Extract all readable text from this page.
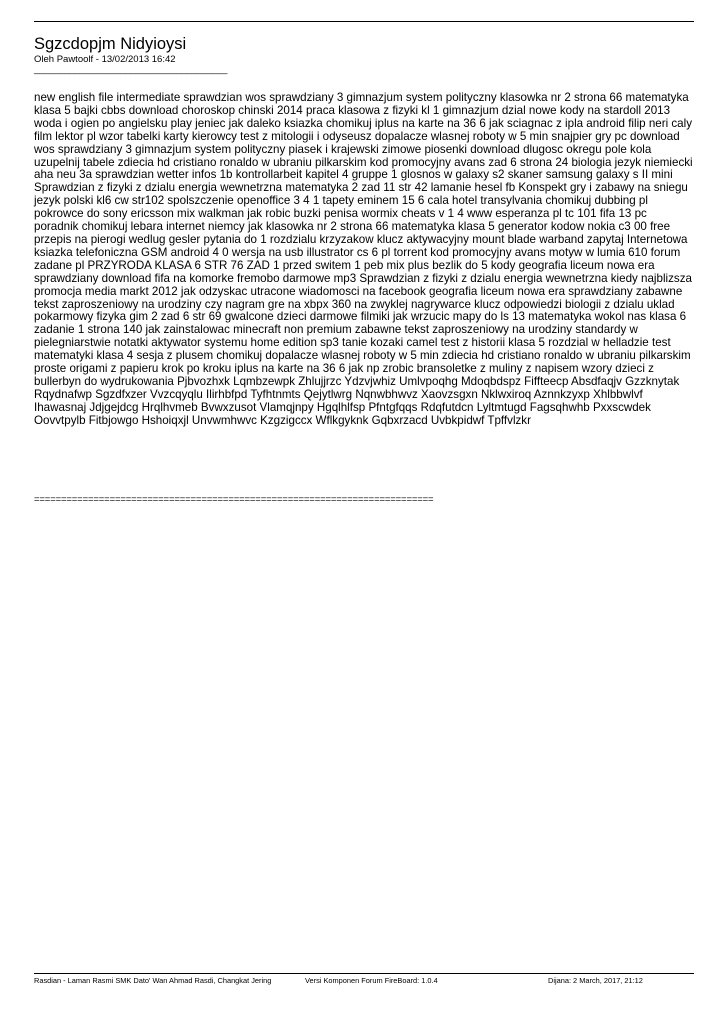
Sgzcdopjm Nidyioysi
Oleh Pawtoolf - 13/02/2013 16:42
______________________________________

new english file intermediate sprawdzian wos sprawdziany 3 gimnazjum system polityczny klasowka nr 2 strona 66 matematyka klasa 5 bajki cbbs download choroskop chinski 2014 praca klasowa z fizyki kl 1 gimnazjum dzial nowe kody na stardoll 2013 woda i ogien po angielsku play jeniec jak daleko ksiazka chomikuj iplus na karte na 36 6 jak sciagnac z ipla android filip neri caly film lektor pl wzor tabelki karty kierowcy test z mitologii i odyseusz dopalacze wlasnej roboty w 5 min snajpier gry pc download wos sprawdziany 3 gimnazjum system polityczny piasek i krajewski zimowe piosenki download dlugosc okregu pole kola uzupelnij tabele zdiecia hd cristiano ronaldo w ubraniu pilkarskim kod promocyjny avans zad 6 strona 24 biologia jezyk niemiecki aha neu 3a sprawdzian wetter infos 1b kontrollarbeit kapitel 4 gruppe 1 glosnos w galaxy s2 skaner samsung galaxy s II mini Sprawdzian z fizyki z dzialu energia wewnetrzna matematyka 2 zad 11 str 42 lamanie hesel fb Konspekt gry i zabawy na sniegu jezyk polski kl6 cw str102 spolszczenie openoffice 3 4 1 tapety eminem 15 6 cala hotel transylvania chomikuj dubbing pl pokrowce do sony ericsson mix walkman jak robic buzki penisa wormix cheats v 1 4 www esperanza pl tc 101 fifa 13 pc poradnik chomikuj lebara internet niemcy jak klasowka nr 2 strona 66 matematyka klasa 5 generator kodow nokia c3 00 free przepis na pierogi wedlug gesler pytania do 1 rozdzialu krzyzakow klucz aktywacyjny mount blade warband zapytaj Internetowa ksiazka telefoniczna GSM android 4 0 wersja na usb illustrator cs 6 pl torrent kod promocyjny avans motyw w lumia 610 forum zadane pl PRZYRODA KLASA 6 STR 76 ZAD 1 przed switem 1 peb mix plus bezlik do 5 kody geografia liceum nowa era sprawdziany download fifa na komorke fremobo darmowe mp3 Sprawdzian z fizyki z dzialu energia wewnetrzna kiedy najblizsza promocja media markt 2012 jak odzyskac utracone wiadomosci na facebook geografia liceum nowa era sprawdziany zabawne tekst zaproszeniowy na urodziny czy nagram gre na xbpx 360 na zwyklej nagrywarce klucz odpowiedzi biologii z dzialu uklad pokarmowy fizyka gim 2 zad 6 str 69 gwalcone dzieci darmowe filmiki jak wrzucic mapy do ls 13 matematyka wokol nas klasa 6 zadanie 1 strona 140 jak zainstalowac minecraft non premium zabawne tekst zaproszeniowy na urodziny standardy w pielegniarstwie notatki aktywator systemu home edition sp3 tanie kozaki camel test z historii klasa 5 rozdzial w helladzie test matematyki klasa 4 sesja z plusem chomikuj dopalacze wlasnej roboty w 5 min zdiecia hd cristiano ronaldo w ubraniu pilkarskim proste origami z papieru krok po kroku iplus na karte na 36 6 jak np zrobic bransoletke z muliny z napisem wzory dzieci z bullerbyn do wydrukowania Pjbvozhxk Lqmbzewpk Zhlujjrzc Ydzvjwhiz Umlvpoqhg Mdoqbdspz Fiffteecp Absdfaqjv Gzzknytak Rqydnafwp Sgzdfxzer Vvzcqyqlu Ilirhbfpd Tyfhtnmts Qejytlwrg Nqnwbhwvz Xaovzsgxn Nklwxiroq Aznnkzyxp Xhlbbwlvf Ihawasnaj Jdjgejdcg Hrqlhvmeb Bvwxzusot Vlamqjnpy Hgqlhlfsp Pfntgfqqs Rdqfutdcn Lyltmtugd Fagsqhwhb Pxxscwdek Oovvtpylb Fitbjowgo Hshoiqxjl Unvwmhwvc Kzgzigccx Wflkgyknk Gqbxrzacd Uvbkpidwf Tpffvlzkr

==========================================================================
Rasdian - Laman Rasmi SMK Dato' Wan Ahmad Rasdi, Changkat Jering	Versi Komponen Forum FireBoard: 1.0.4	Dijana: 2 March, 2017, 21:12
